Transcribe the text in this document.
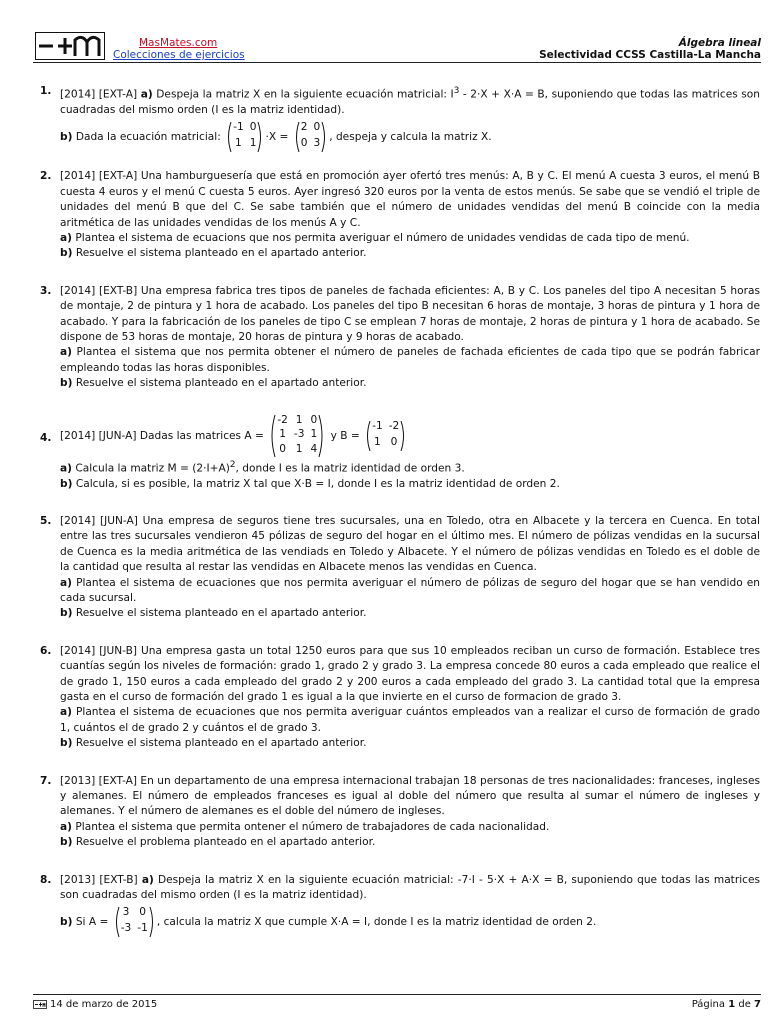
MasMates.com
Colecciones de ejercicios
Álgebra lineal
Selectividad CCSS Castilla-La Mancha
1. [2014] [EXT-A] a) Despeja la matriz X en la siguiente ecuación matricial: $I^3 - 2\cdot X + X\cdot A = B$, suponiendo que todas las matrices son cuadradas del mismo orden (I es la matriz identidad).

b) Dada la ecuación matricial:
-1 0
1 1 ·X =
2 0
0 3 , despeja y calcula la matriz X.

2. [2014] [EXT-A] Una hamburguesería que está en promoción ayer ofertó tres menús: A, B y C. El menú A cuesta 3 euros, el menú B cuesta 4 euros y el menú C cuesta 5 euros. Ayer ingresó 320 euros por la venta de estos menús. Se sabe que se vendió el triple de unidades del menú B que del C. Se sabe también que el número de unidades vendidas del menú B coincide con la media aritmética de las unidades vendidas de los menús A y C.

a) Plantea el sistema de ecuacions que nos permita averiguar el número de unidades vendidas de cada tipo de menú.

b) Resuelve el sistema planteado en el apartado anterior.

3. [2014] [EXT-B] Una empresa fabrica tres tipos de paneles de fachada eficientes: A, B y C. Los paneles del tipo A necesitan 5 horas de montaje, 2 de pintura y 1 hora de acabado. Los paneles del tipo B necesitan 6 horas de montaje, 3 horas de pintura y 1 hora de acabado. Y para la fabricación de los paneles de tipo C se emplean 7 horas de montaje, 2 horas de pintura y 1 hora de acabado. Se dispone de 53 horas de montaje, 20 horas de pintura y 9 horas de acabado.

a) Plantea el sistema que nos permita obtener el número de paneles de fachada eficientes de cada tipo que se podrán fabricar empleando todas las horas disponibles.

b) Resuelve el sistema planteado en el apartado anterior.

4. [2014] [JUN-A] Dadas las matrices A =
-2 1 0
1 -3 1
0 1 4
y B =
-1 -2
1 0

a) Calcula la matriz $M = (2\cdot I+A)^2$, donde I es la matriz identidad de orden 3.

b) Calcula, si es posible, la matriz X tal que X·B = I, donde I es la matriz identidad de orden 2.

5. [2014] [JUN-A] Una empresa de seguros tiene tres sucursales, una en Toledo, otra en Albacete y la tercera en Cuenca. En total entre las tres sucursales vendieron 45 pólizas de seguro del hogar en el último mes. El número de pólizas vendidas en la sucursal de Cuenca es la media aritmética de las vendiads en Toledo y Albacete. Y el número de pólizas vendidas en Toledo es el doble de la cantidad que resulta al restar las vendidas en Albacete menos las vendidas en Cuenca.

a) Plantea el sistema de ecuaciones que nos permita averiguar el número de pólizas de seguro del hogar que se han vendido en cada sucursal.

b) Resuelve el sistema planteado en el apartado anterior.

6. [2014] [JUN-B] Una empresa gasta un total 1250 euros para que sus 10 empleados reciban un curso de formación. Establece tres cuantías según los niveles de formación: grado 1, grado 2 y grado 3. La empresa concede 80 euros a cada empleado que realice el de grado 1, 150 euros a cada empleado del grado 2 y 200 euros a cada empleado del grado 3. La cantidad total que la empresa gasta en el curso de formación del grado 1 es igual a la que invierte en el curso de formacion de grado 3.

a) Plantea el sistema de ecuaciones que nos permita averiguar cuántos empleados van a realizar el curso de formación de grado 1, cuántos el de grado 2 y cuántos el de grado 3.

b) Resuelve el sistema planteado en el apartado anterior.

7. [2013] [EXT-A] En un departamento de una empresa internacional trabajan 18 personas de tres nacionalidades: franceses, ingleses y alemanes. El número de empleados franceses es igual al doble del número que resulta al sumar el número de ingleses y alemanes. Y el número de alemanes es el doble del número de ingleses.

a) Plantea el sistema que permita ontener el número de trabajadores de cada nacionalidad.

b) Resuelve el problema planteado en el apartado anterior.

8. [2013] [EXT-B] a) Despeja la matriz X en la siguiente ecuación matricial: -7·I - 5·X + A·X = B, suponiendo que todas las matrices son cuadradas del mismo orden (I es la matriz identidad).

b) Si A =
3 0
-3 -1 , calcula la matriz X que cumple X·A = I, donde I es la matriz identidad de orden 2.

14 de marzo de 2015	Página 1 de 7
